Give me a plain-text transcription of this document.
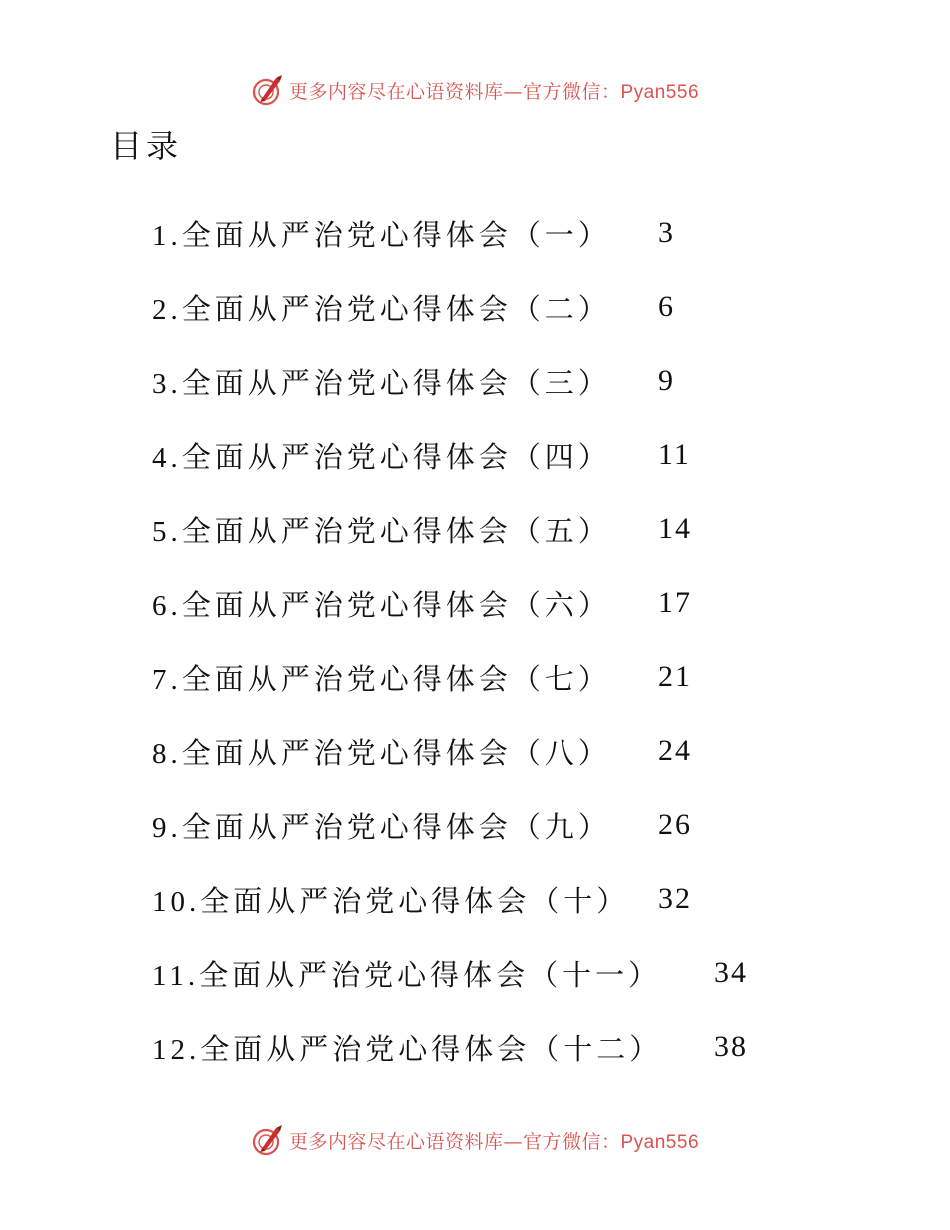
更多内容尽在心语资料库—官方微信：Pyan556
目录
1.全面从严治党心得体会（一）	3
2.全面从严治党心得体会（二）	6
3.全面从严治党心得体会（三）	9
4.全面从严治党心得体会（四）	11
5.全面从严治党心得体会（五）	14
6.全面从严治党心得体会（六）	17
7.全面从严治党心得体会（七）	21
8.全面从严治党心得体会（八）	24
9.全面从严治党心得体会（九）	26
10.全面从严治党心得体会（十） 32
11.全面从严治党心得体会（十一）	34
12.全面从严治党心得体会（十二）	38
更多内容尽在心语资料库—官方微信：Pyan556
